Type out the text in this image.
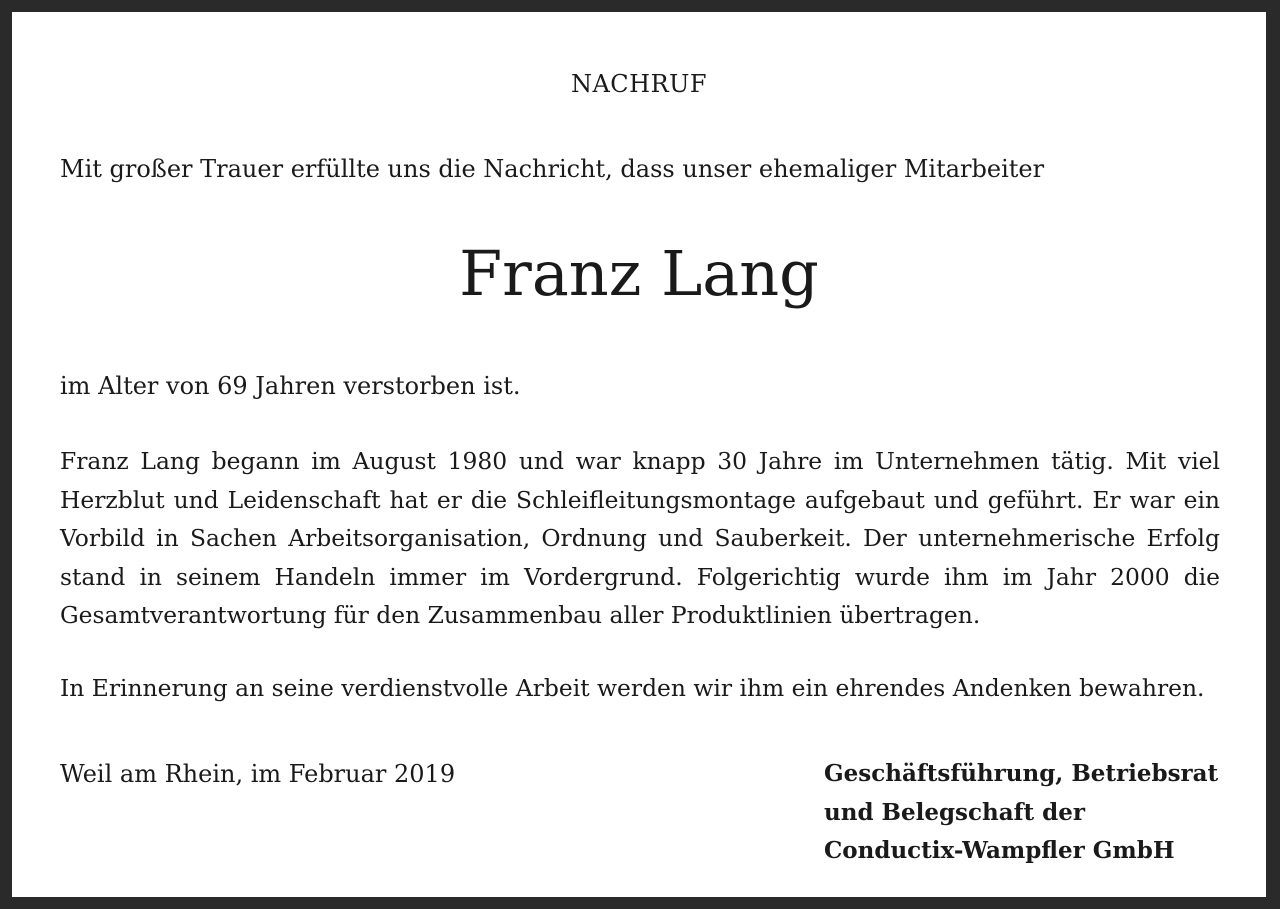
NACHRUF
Mit großer Trauer erfüllte uns die Nachricht, dass unser ehemaliger Mitarbeiter
Franz Lang
im Alter von 69 Jahren verstorben ist.
Franz Lang begann im August 1980 und war knapp 30 Jahre im Unternehmen tätig. Mit viel Herzblut und Leidenschaft hat er die Schleifleitungsmontage aufgebaut und geführt. Er war ein Vorbild in Sachen Arbeitsorganisation, Ordnung und Sauberkeit. Der unternehmerische Erfolg stand in seinem Handeln immer im Vordergrund. Folgerichtig wurde ihm im Jahr 2000 die Gesamtverantwortung für den Zusammenbau aller Produktlinien übertragen.
In Erinnerung an seine verdienstvolle Arbeit werden wir ihm ein ehrendes Andenken bewahren.
Weil am Rhein, im Februar 2019	Geschäftsführung, Betriebsrat
und Belegschaft der
Conductix-Wampfler GmbH
